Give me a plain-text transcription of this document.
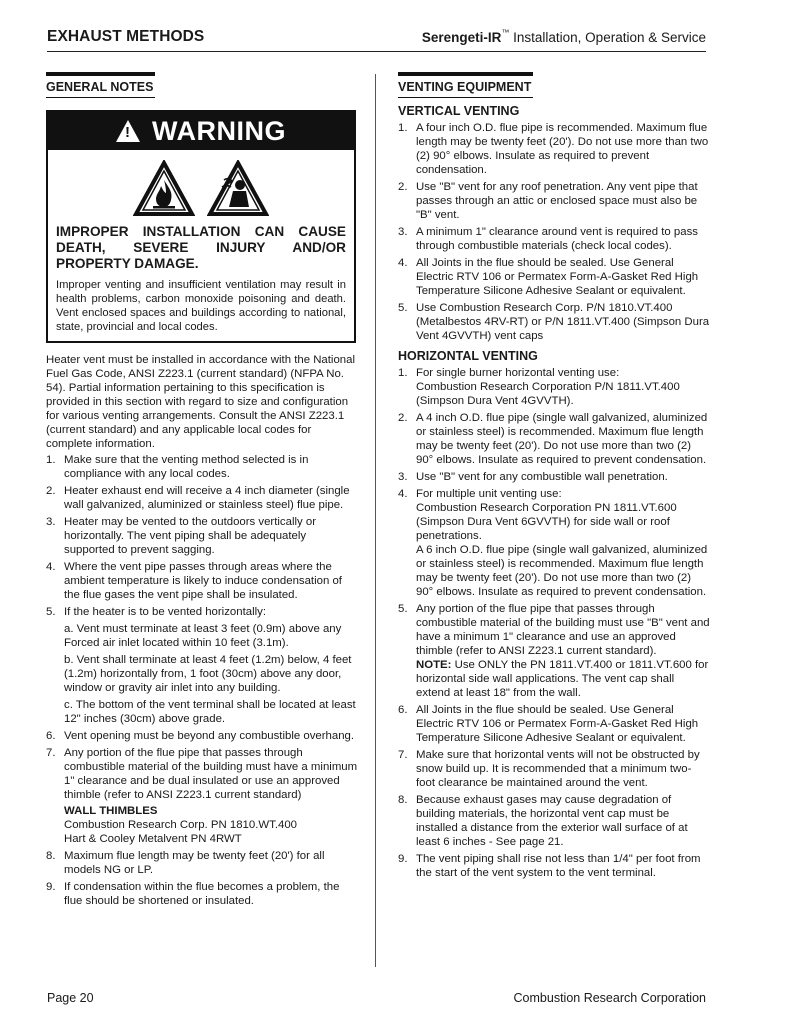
EXHAUST METHODS	Serengeti-IR™ Installation, Operation & Service
GENERAL NOTES
! WARNING
IMPROPER INSTALLATION CAN CAUSE DEATH, SEVERE INJURY AND/OR PROPERTY DAMAGE.
Improper venting and insufficient ventilation may result in health problems, carbon monoxide poisoning and death. Vent enclosed spaces and buildings according to national, state, provincial and local codes.
Heater vent must be installed in accordance with the National Fuel Gas Code, ANSI Z223.1 (current standard) (NFPA No. 54). Partial information pertaining to this specification is provided in this section with regard to size and configuration for various venting arrangements. Consult the ANSI Z223.1 (current standard) and any applicable local codes for complete information.
1. Make sure that the venting method selected is in compliance with any local codes.
2. Heater exhaust end will receive a 4 inch diameter (single wall galvanized, aluminized or stainless steel) flue pipe.
3. Heater may be vented to the outdoors vertically or horizontally. The vent piping shall be adequately supported to prevent sagging.
4. Where the vent pipe passes through areas where the ambient temperature is likely to induce condensation of the flue gases the vent pipe shall be insulated.
5. If the heater is to be vented horizontally:
a. Vent must terminate at least 3 feet (0.9m) above any Forced air inlet located within 10 feet (3.1m).
b. Vent shall terminate at least 4 feet (1.2m) below, 4 feet (1.2m) horizontally from, 1 foot (30cm) above any door, window or gravity air inlet into any building.
c. The bottom of the vent terminal shall be located at least 12" inches (30cm) above grade.
6. Vent opening must be beyond any combustible overhang.
7. Any portion of the flue pipe that passes through combustible material of the building must have a minimum 1" clearance and be dual insulated or use an approved thimble (refer to ANSI Z223.1 current standard)
WALL THIMBLES
Combustion Research Corp. PN 1810.WT.400
Hart & Cooley Metalvent PN 4RWT
8. Maximum flue length may be twenty feet (20') for all models NG or LP.
9. If condensation within the flue becomes a problem, the flue should be shortened or insulated.
VENTING EQUIPMENT
VERTICAL VENTING
1. A four inch O.D. flue pipe is recommended. Maximum flue length may be twenty feet (20'). Do not use more than two (2) 90° elbows. Insulate as required to prevent condensation.
2. Use "B" vent for any roof penetration. Any vent pipe that passes through an attic or enclosed space must also be "B" vent.
3. A minimum 1" clearance around vent is required to pass through combustible materials (check local codes).
4. All Joints in the flue should be sealed. Use General Electric RTV 106 or Permatex Form-A-Gasket Red High Temperature Silicone Adhesive Sealant or equivalent.
5. Use Combustion Research Corp. P/N 1810.VT.400 (Metalbestos 4RV-RT) or P/N 1811.VT.400 (Simpson Dura Vent 4GVVTH) vent caps
HORIZONTAL VENTING
1. For single burner horizontal venting use:
Combustion Research Corporation P/N 1811.VT.400 (Simpson Dura Vent 4GVVTH).
2. A 4 inch O.D. flue pipe (single wall galvanized, aluminized or stainless steel) is recommended. Maximum flue length may be twenty feet (20'). Do not use more than two (2) 90° elbows. Insulate as required to prevent condensation.
3. Use "B" vent for any combustible wall penetration.
4. For multiple unit venting use:
Combustion Research Corporation PN 1811.VT.600 (Simpson Dura Vent 6GVVTH) for side wall or roof penetrations.
A 6 inch O.D. flue pipe (single wall galvanized, aluminized or stainless steel) is recommended. Maximum flue length may be twenty feet (20'). Do not use more than two (2) 90° elbows. Insulate as required to prevent condensation.
5. Any portion of the flue pipe that passes through combustible material of the building must use "B" vent and have a minimum 1" clearance and use an approved thimble (refer to ANSI Z223.1 current standard).
NOTE: Use ONLY the PN 1811.VT.400 or 1811.VT.600 for horizontal side wall applications. The vent cap shall extend at least 18" from the wall.
6. All Joints in the flue should be sealed. Use General Electric RTV 106 or Permatex Form-A-Gasket Red High Temperature Silicone Adhesive Sealant or equivalent.
7. Make sure that horizontal vents will not be obstructed by snow build up. It is recommended that a minimum two-foot clearance be maintained around the vent.
8. Because exhaust gases may cause degradation of building materials, the horizontal vent cap must be installed a distance from the exterior wall surface of at least 6 inches - See page 21.
9. The vent piping shall rise not less than 1/4" per foot from the start of the vent system to the vent terminal.
Page 20	Combustion Research Corporation
